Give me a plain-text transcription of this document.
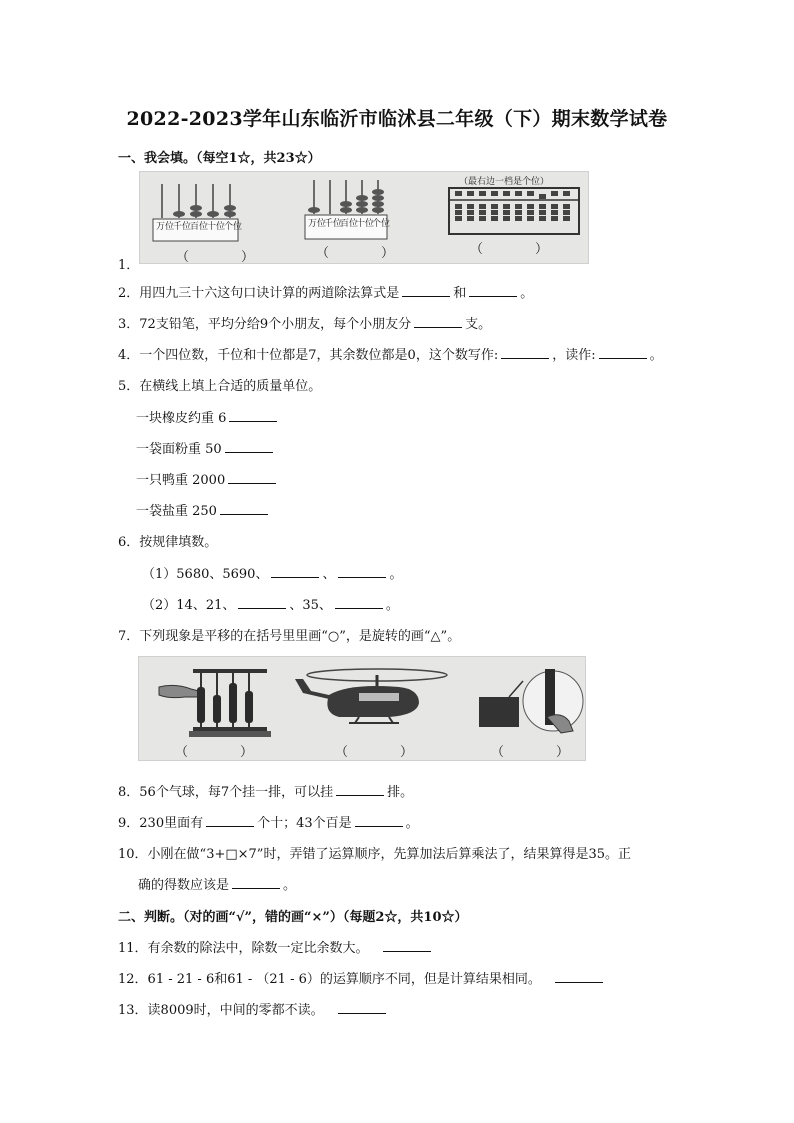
2022-2023学年山东临沂市临沭县二年级（下）期末数学试卷
一、我会填。（每空1☆，共23☆）
万位
千位
百位
十位
个位	万位
千位
百位
十位
个位
（最右边一档是个位）
（　　　　）	（　　　　）	（　　　　）
1．
2．用四九三十六这句口诀计算的两道除法算式是	和	。
3．72支铅笔，平均分给9个小朋友，每个小朋友分	支。
4．一个四位数，千位和十位都是7，其余数位都是0，这个数写作:	，读作:	。
5．在横线上填上合适的质量单位。
一块橡皮约重 6
一袋面粉重 50
一只鸭重 2000
一袋盐重 250
6．按规律填数。
（1）5680、5690、	、	。
（2）14、21、	、35、	。
7．下列现象是平移的在括号里里画“○”，是旋转的画“△”。
（　　　　）	（　　　　）	（　　　　）
8．56个气球，每7个挂一排，可以挂	排。
9．230里面有	个十；43个百是	。
10．小刚在做“3+□×7”时，弄错了运算顺序，先算加法后算乘法了，结果算得是35。正
确的得数应该是	。
二、判断。（对的画“√”，错的画“×”）（每题2☆，共10☆）
11．有余数的除法中，除数一定比余数大。
12．61 - 21 - 6和61 - （21 - 6）的运算顺序不同，但是计算结果相同。
13．读8009时，中间的零都不读。
